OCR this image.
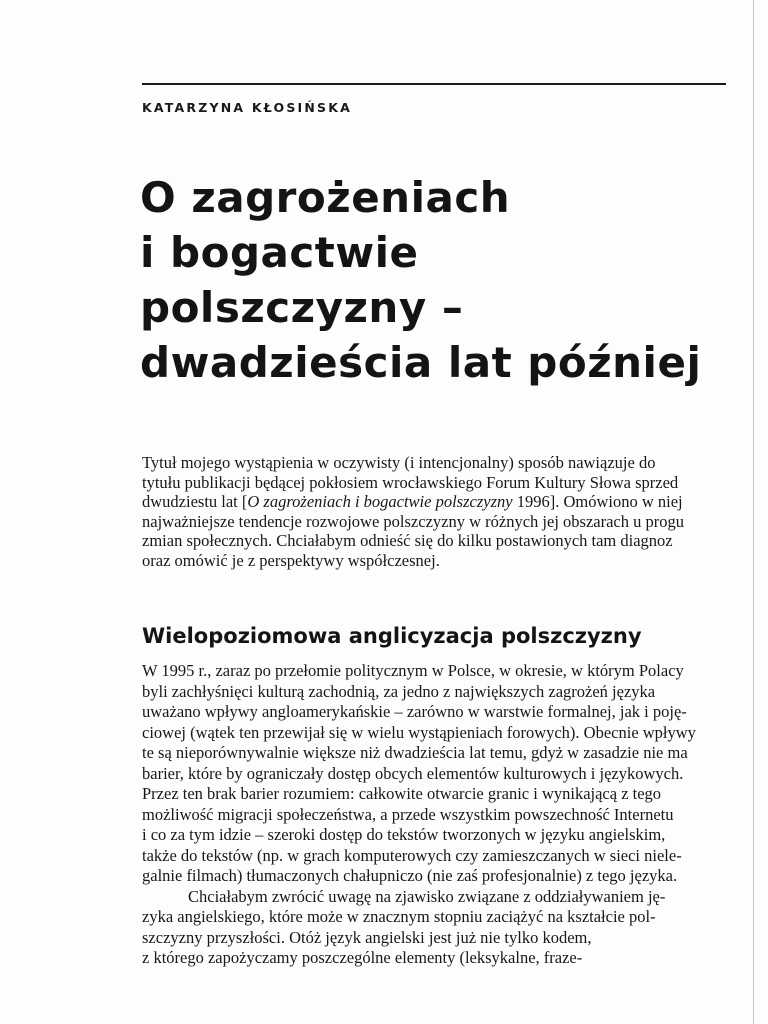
KATARZYNA KŁOSIŃSKA
O zagrożeniach
i bogactwie
polszczyzny –
dwadzieścia lat później
Tytuł mojego wystąpienia w oczywisty (i intencjonalny) sposób nawiązuje do
tytułu publikacji będącej pokłosiem wrocławskiego Forum Kultury Słowa sprzed
dwudziestu lat [O zagrożeniach i bogactwie polszczyzny 1996]. Omówiono w niej
najważniejsze tendencje rozwojowe polszczyzny w różnych jej obszarach u progu
zmian społecznych. Chciałabym odnieść się do kilku postawionych tam diagnoz
oraz omówić je z perspektywy współczesnej.
Wielopoziomowa anglicyzacja polszczyzny
W 1995 r., zaraz po przełomie politycznym w Polsce, w okresie, w którym Polacy
byli zachłyśnięci kulturą zachodnią, za jedno z największych zagrożeń języka
uważano wpływy angloamerykańskie – zarówno w warstwie formalnej, jak i poję-
ciowej (wątek ten przewijał się w wielu wystąpieniach forowych). Obecnie wpływy
te są nieporównywalnie większe niż dwadzieścia lat temu, gdyż w zasadzie nie ma
barier, które by ograniczały dostęp obcych elementów kulturowych i językowych.
Przez ten brak barier rozumiem: całkowite otwarcie granic i wynikającą z tego
możliwość migracji społeczeństwa, a przede wszystkim powszechność Internetu
i co za tym idzie – szeroki dostęp do tekstów tworzonych w języku angielskim,
także do tekstów (np. w grach komputerowych czy zamieszczanych w sieci niele-
galnie filmach) tłumaczonych chałupniczo (nie zaś profesjonalnie) z tego języka.
Chciałabym zwrócić uwagę na zjawisko związane z oddziaływaniem ję-
zyka angielskiego, które może w znacznym stopniu zaciążyć na kształcie pol-
szczyzny przyszłości. Otóż język angielski jest już nie tylko kodem,
z którego zapożyczamy poszczególne elementy (leksykalne, fraze-
